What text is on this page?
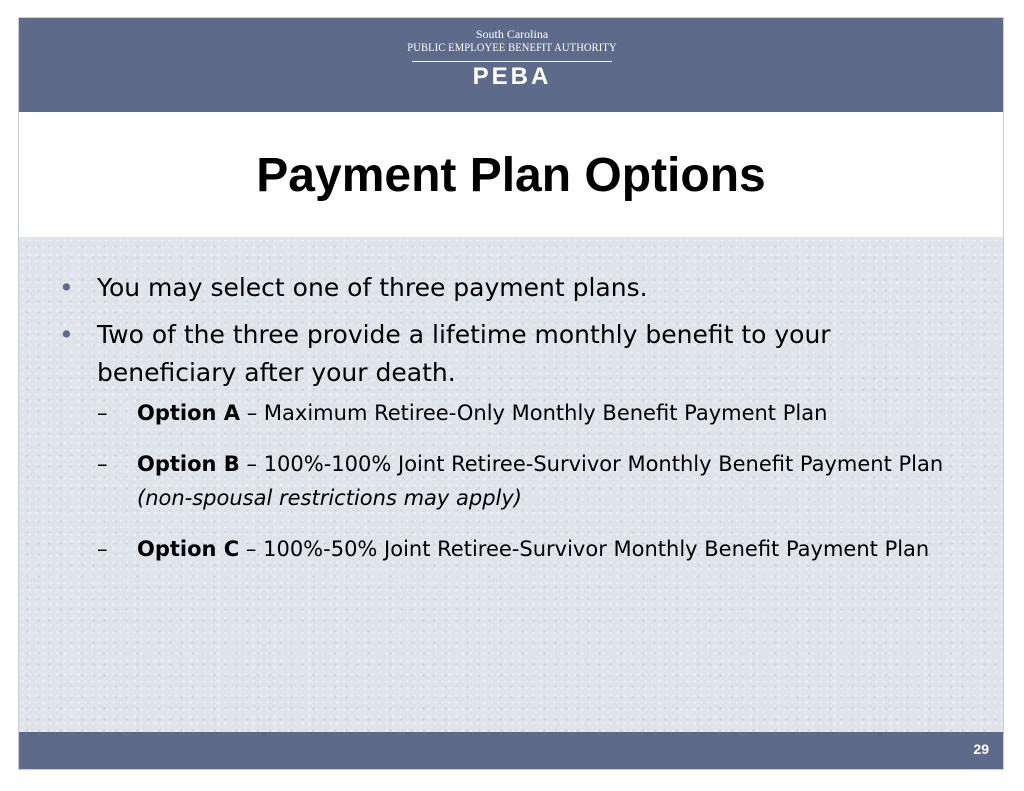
South Carolina
PUBLIC EMPLOYEE BENEFIT AUTHORITY
PEBA
Payment Plan Options
• You may select one of three payment plans.
• Two of the three provide a lifetime monthly benefit to your beneficiary after your death.
– Option A – Maximum Retiree-Only Monthly Benefit Payment Plan
– Option B – 100%-100% Joint Retiree-Survivor Monthly Benefit Payment Plan (non-spousal restrictions may apply)
– Option C – 100%-50% Joint Retiree-Survivor Monthly Benefit Payment Plan
29
